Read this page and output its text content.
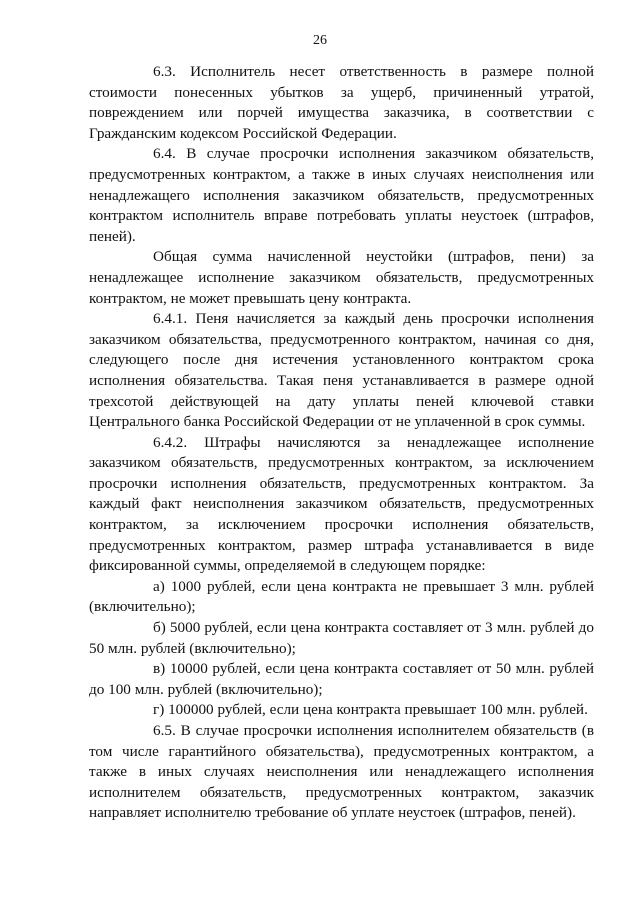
26

6.3. Исполнитель несет ответственность в размере полной стоимости понесенных убытков за ущерб, причиненный утратой, повреждением или порчей имущества заказчика, в соответствии с Гражданским кодексом Российской Федерации.

6.4. В случае просрочки исполнения заказчиком обязательств, предусмотренных контрактом, а также в иных случаях неисполнения или ненадлежащего исполнения заказчиком обязательств, предусмотренных контрактом исполнитель вправе потребовать уплаты неустоек (штрафов, пеней).

Общая сумма начисленной неустойки (штрафов, пени) за ненадлежащее исполнение заказчиком обязательств, предусмотренных контрактом, не может превышать цену контракта.

6.4.1. Пеня начисляется за каждый день просрочки исполнения заказчиком обязательства, предусмотренного контрактом, начиная со дня, следующего после дня истечения установленного контрактом срока исполнения обязательства. Такая пеня устанавливается в размере одной трехсотой действующей на дату уплаты пеней ключевой ставки Центрального банка Российской Федерации от не уплаченной в срок суммы.

6.4.2. Штрафы начисляются за ненадлежащее исполнение заказчиком обязательств, предусмотренных контрактом, за исключением просрочки исполнения обязательств, предусмотренных контрактом. За каждый факт неисполнения заказчиком обязательств, предусмотренных контрактом, за исключением просрочки исполнения обязательств, предусмотренных контрактом, размер штрафа устанавливается в виде фиксированной суммы, определяемой в следующем порядке:

а) 1000 рублей, если цена контракта не превышает 3 млн. рублей (включительно);

б) 5000 рублей, если цена контракта составляет от 3 млн. рублей до 50 млн. рублей (включительно);

в) 10000 рублей, если цена контракта составляет от 50 млн. рублей до 100 млн. рублей (включительно);

г) 100000 рублей, если цена контракта превышает 100 млн. рублей.

6.5. В случае просрочки исполнения исполнителем обязательств (в том числе гарантийного обязательства), предусмотренных контрактом, а также в иных случаях неисполнения или ненадлежащего исполнения исполнителем обязательств, предусмотренных контрактом, заказчик направляет исполнителю требование об уплате неустоек (штрафов, пеней).
